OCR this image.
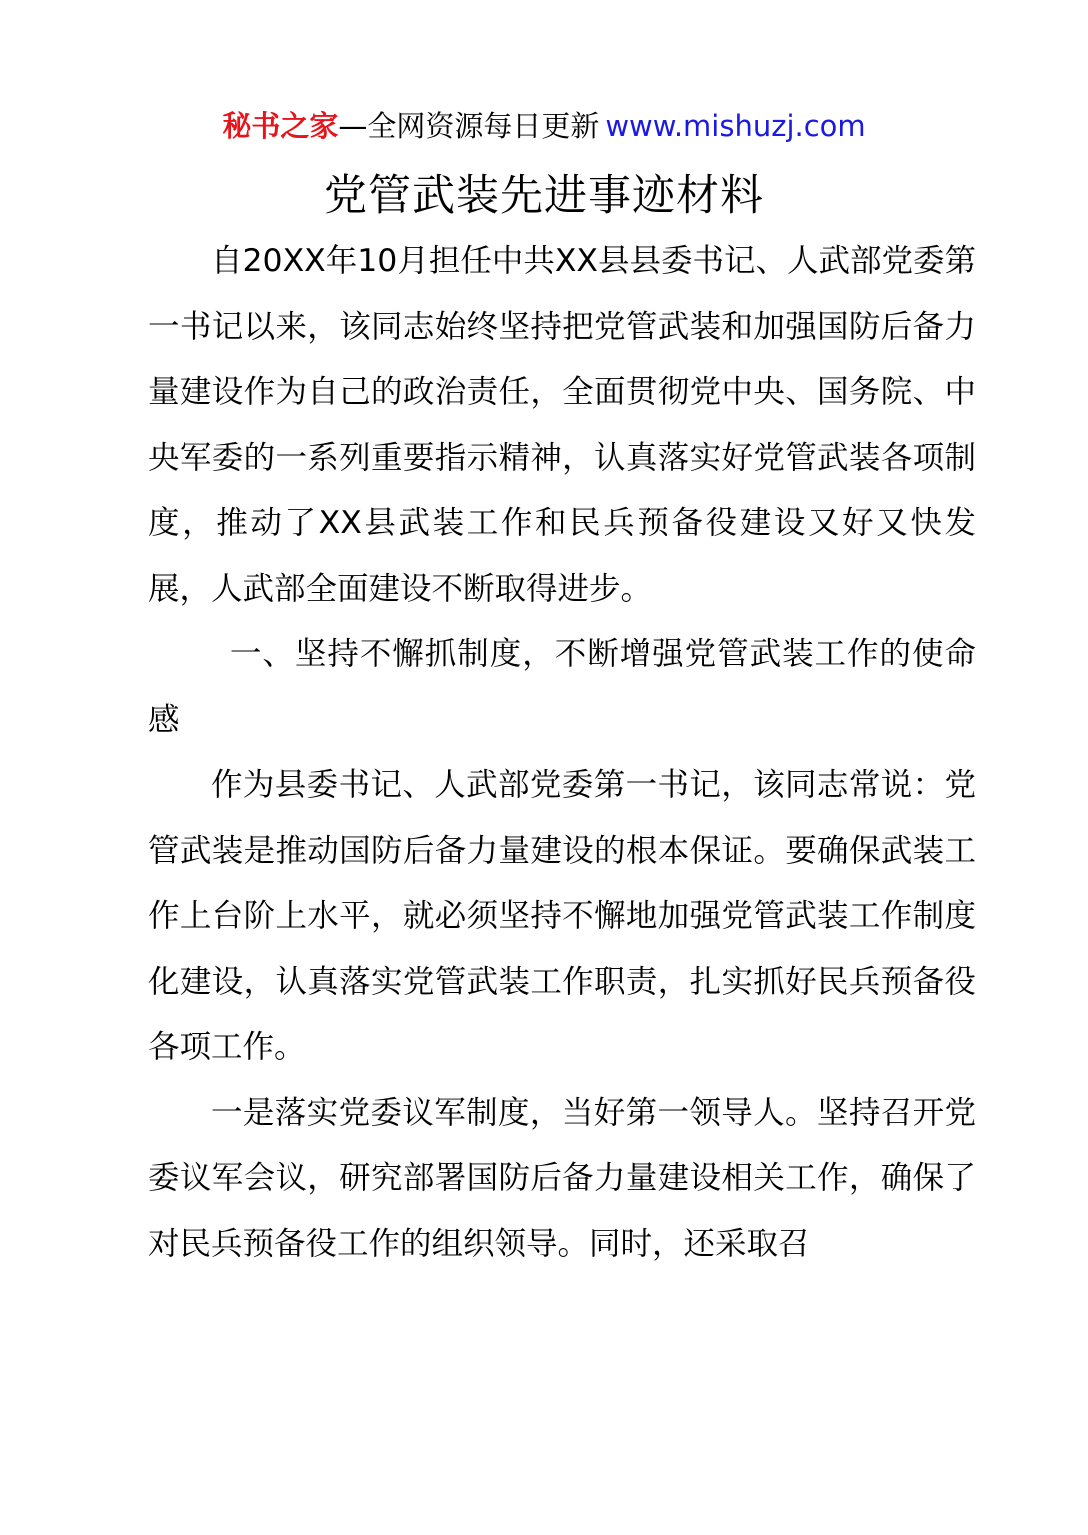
秘书之家—全网资源每日更新 www.mishuzj.com
党管武装先进事迹材料

自20XX年10月担任中共XX县县委书记、人武部党委第一书记以来，该同志始终坚持把党管武装和加强国防后备力量建设作为自己的政治责任，全面贯彻党中央、国务院、中央军委的一系列重要指示精神，认真落实好党管武装各项制度，推动了XX县武装工作和民兵预备役建设又好又快发展，人武部全面建设不断取得进步。

一、坚持不懈抓制度，不断增强党管武装工作的使命感

作为县委书记、人武部党委第一书记，该同志常说：党管武装是推动国防后备力量建设的根本保证。要确保武装工作上台阶上水平，就必须坚持不懈地加强党管武装工作制度化建设，认真落实党管武装工作职责，扎实抓好民兵预备役各项工作。

一是落实党委议军制度，当好第一领导人。坚持召开党委议军会议，研究部署国防后备力量建设相关工作，确保了对民兵预备役工作的组织领导。同时，还采取召
